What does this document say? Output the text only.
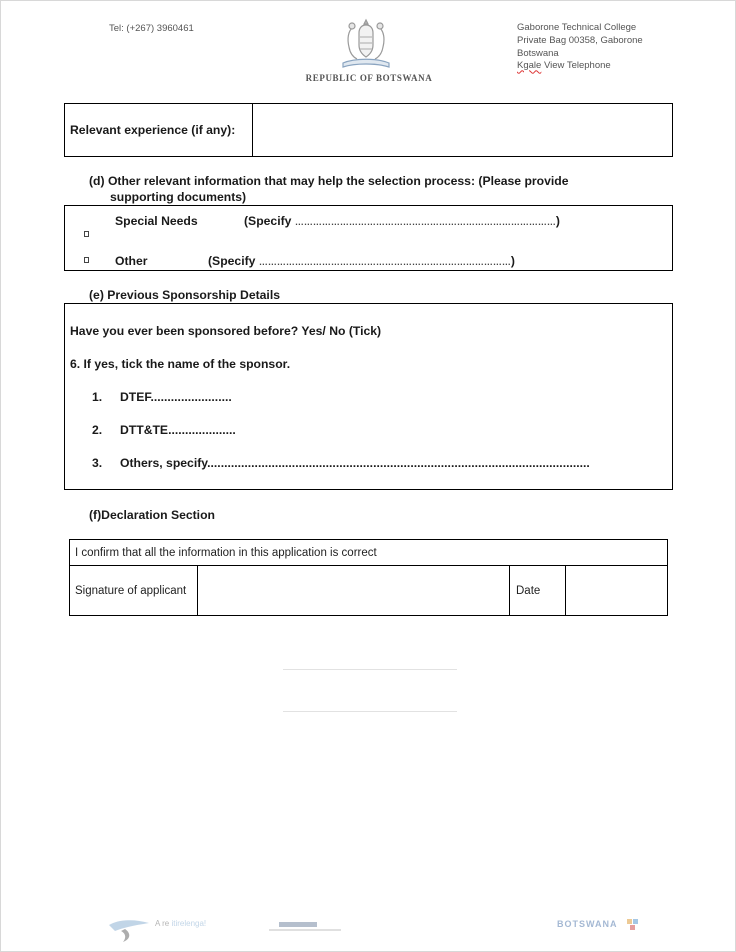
Tel: (+267) 3960461
REPUBLIC OF BOTSWANA
Gaborone Technical College
Private Bag 00358, Gaborone
Botswana
Kgale View Telephone
Relevant experience (if any):
(d) Other relevant information that may help the selection process: (Please provide
supporting documents)
Special Needs	(Specify ……………………………………………………………………………)
Other	(Specify …………………………………………………………………………)
(e) Previous Sponsorship Details
Have you ever been sponsored before? Yes/ No (Tick)
6. If yes, tick the name of the sponsor.
1. DTEF........................
2. DTT&TE....................
3. Others, specify.................................................................................................................
(f)Declaration Section
I confirm that all the information in this application is correct
Signature of applicant	Date
A re itirelenga!	BOTSWANA
